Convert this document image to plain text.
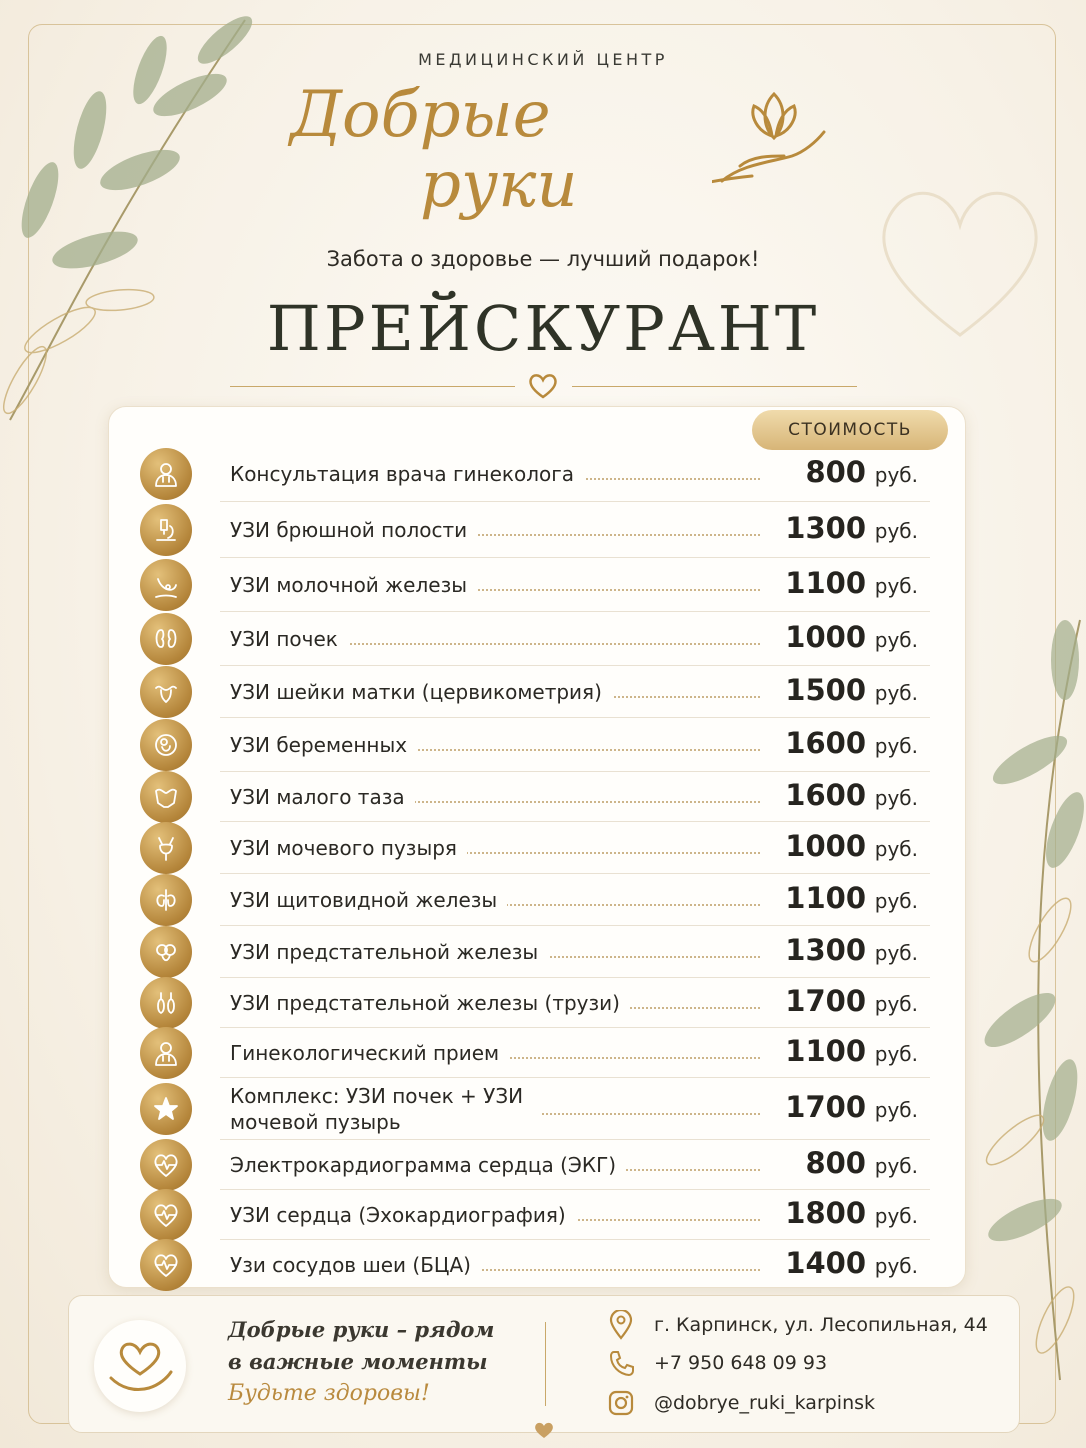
МЕДИЦИНСКИЙ ЦЕНТР
Добрые
руки
Забота о здоровье — лучший подарок!
ПРЕЙСКУРАНТ
СТОИМОСТЬ
Консультация врача гинеколога	800 руб.
УЗИ брюшной полости	1300 руб.
УЗИ молочной железы	1100 руб.
УЗИ почек	1000 руб.
УЗИ шейки матки (цервикометрия)	1500 руб.
УЗИ беременных	1600 руб.
УЗИ малого таза	1600 руб.
УЗИ мочевого пузыря	1000 руб.
УЗИ щитовидной железы	1100 руб.
УЗИ предстательной железы	1300 руб.
УЗИ предстательной железы (трузи)	1700 руб.
Гинекологический прием	1100 руб.
Комплекс: УЗИ почек + УЗИ мочевой пузырь	1700 руб.
Электрокардиограмма сердца (ЭКГ)	800 руб.
УЗИ сердца (Эхокардиография)	1800 руб.
Узи сосудов шеи (БЦА)	1400 руб.
Добрые руки – рядом
в важные моменты
Будьте здоровы!
г. Карпинск, ул. Лесопильная, 44
+7 950 648 09 93
@dobrye_ruki_karpinsk
